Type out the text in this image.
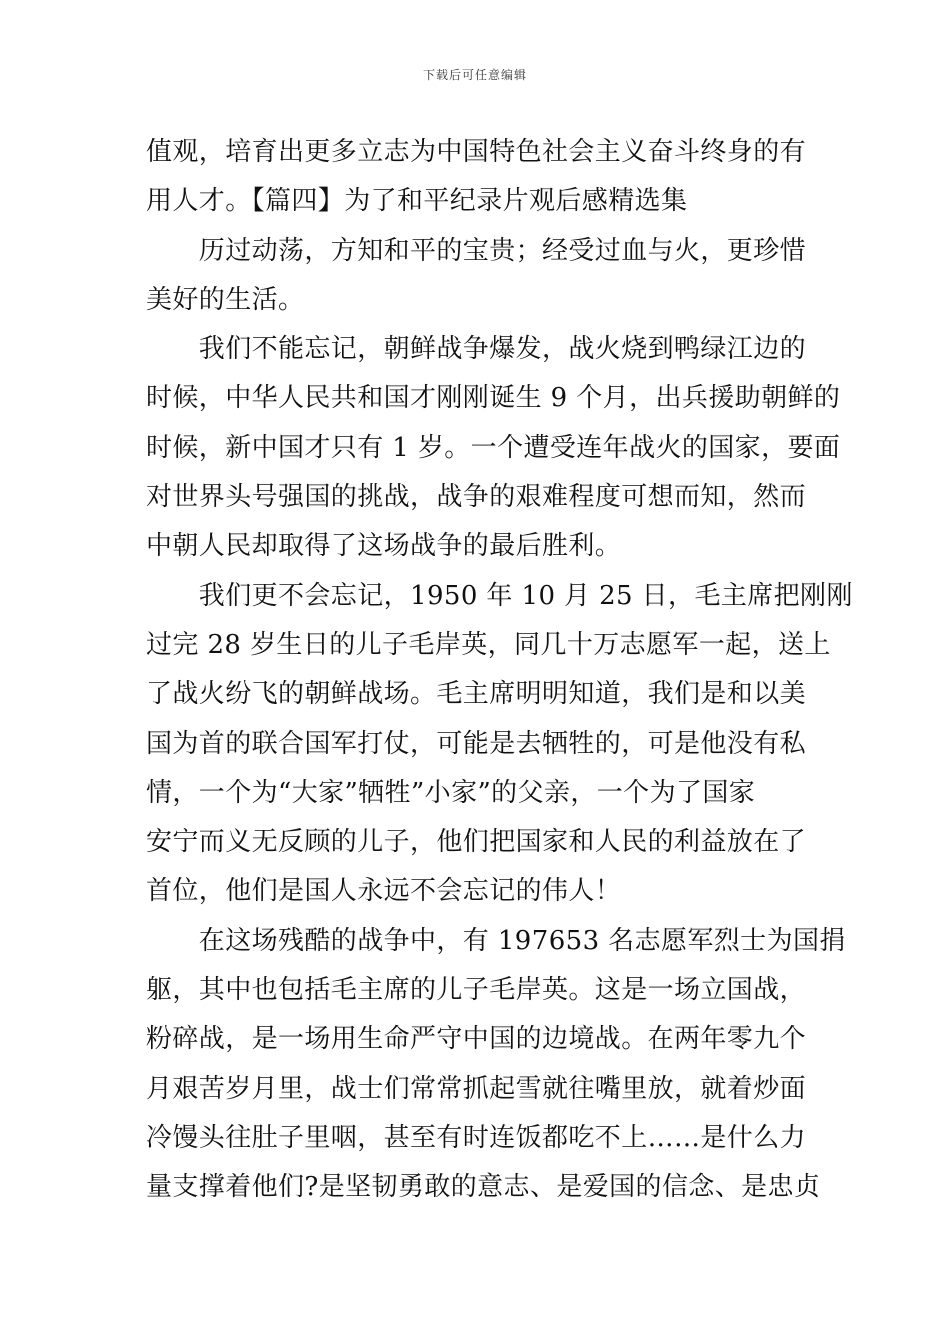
下载后可任意编辑
值观，培育出更多立志为中国特色社会主义奋斗终身的有
用人才。【篇四】为了和平纪录片观后感精选集
　　历过动荡，方知和平的宝贵；经受过血与火，更珍惜
美好的生活。
　　我们不能忘记，朝鲜战争爆发，战火烧到鸭绿江边的
时候，中华人民共和国才刚刚诞生 9 个月，出兵援助朝鲜的
时候，新中国才只有 1 岁。一个遭受连年战火的国家，要面
对世界头号强国的挑战，战争的艰难程度可想而知，然而
中朝人民却取得了这场战争的最后胜利。
　　我们更不会忘记，1950 年 10 月 25 日，毛主席把刚刚
过完 28 岁生日的儿子毛岸英，同几十万志愿军一起，送上
了战火纷飞的朝鲜战场。毛主席明明知道，我们是和以美
国为首的联合国军打仗，可能是去牺牲的，可是他没有私
情，一个为“大家”牺牲”小家”的父亲，一个为了国家
安宁而义无反顾的儿子，他们把国家和人民的利益放在了
首位，他们是国人永远不会忘记的伟人！
　　在这场残酷的战争中，有 197653 名志愿军烈士为国捐
躯，其中也包括毛主席的儿子毛岸英。这是一场立国战，
粉碎战，是一场用生命严守中国的边境战。在两年零九个
月艰苦岁月里，战士们常常抓起雪就往嘴里放，就着炒面
冷馒头往肚子里咽，甚至有时连饭都吃不上……是什么力
量支撑着他们?是坚韧勇敢的意志、是爱国的信念、是忠贞
